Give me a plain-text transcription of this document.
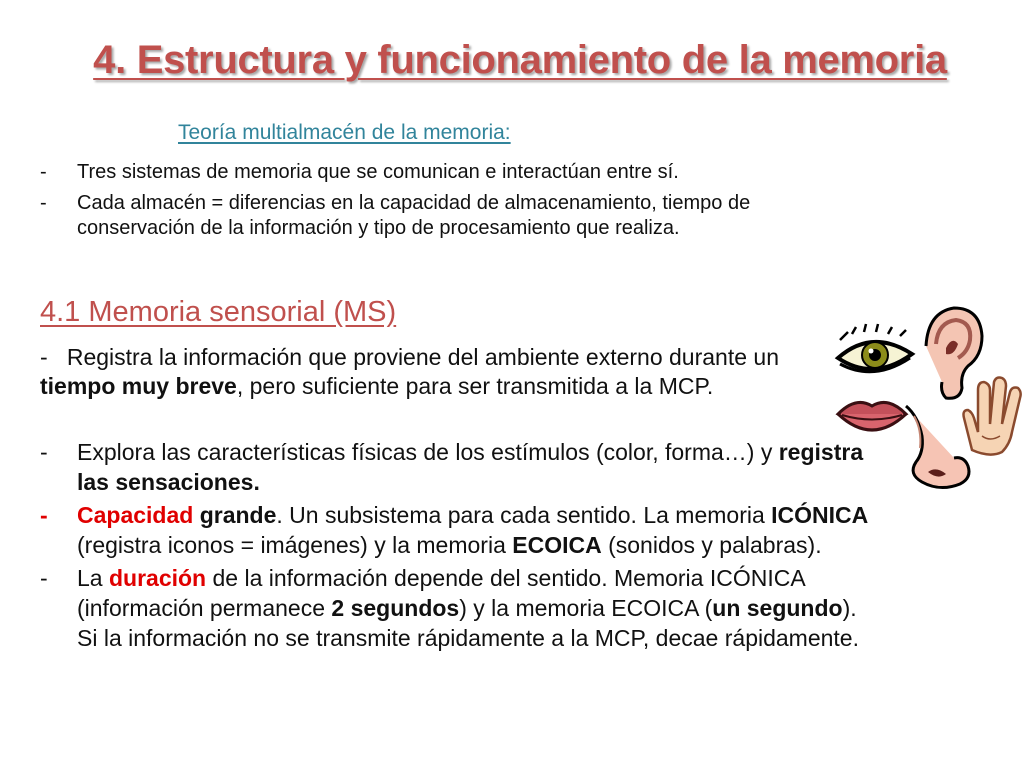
4. Estructura y funcionamiento de la memoria
Teoría multialmacén de la memoria:
- Tres sistemas de memoria que se comunican e interactúan entre sí.
- Cada almacén = diferencias en la capacidad de almacenamiento, tiempo de conservación de la información y tipo de procesamiento que realiza.
4.1 Memoria sensorial (MS)
-   Registra la información que proviene del ambiente externo durante un tiempo muy breve, pero suficiente para ser transmitida a la MCP.
- Explora las características físicas de los estímulos (color, forma…) y registra las sensaciones.
- Capacidad grande. Un subsistema para cada sentido. La memoria ICÓNICA (registra iconos = imágenes) y la memoria ECOICA (sonidos y palabras).
- La duración de la información depende del sentido. Memoria ICÓNICA (información permanece 2 segundos) y la memoria ECOICA (un segundo). Si la información no se transmite rápidamente a la MCP, decae rápidamente.
